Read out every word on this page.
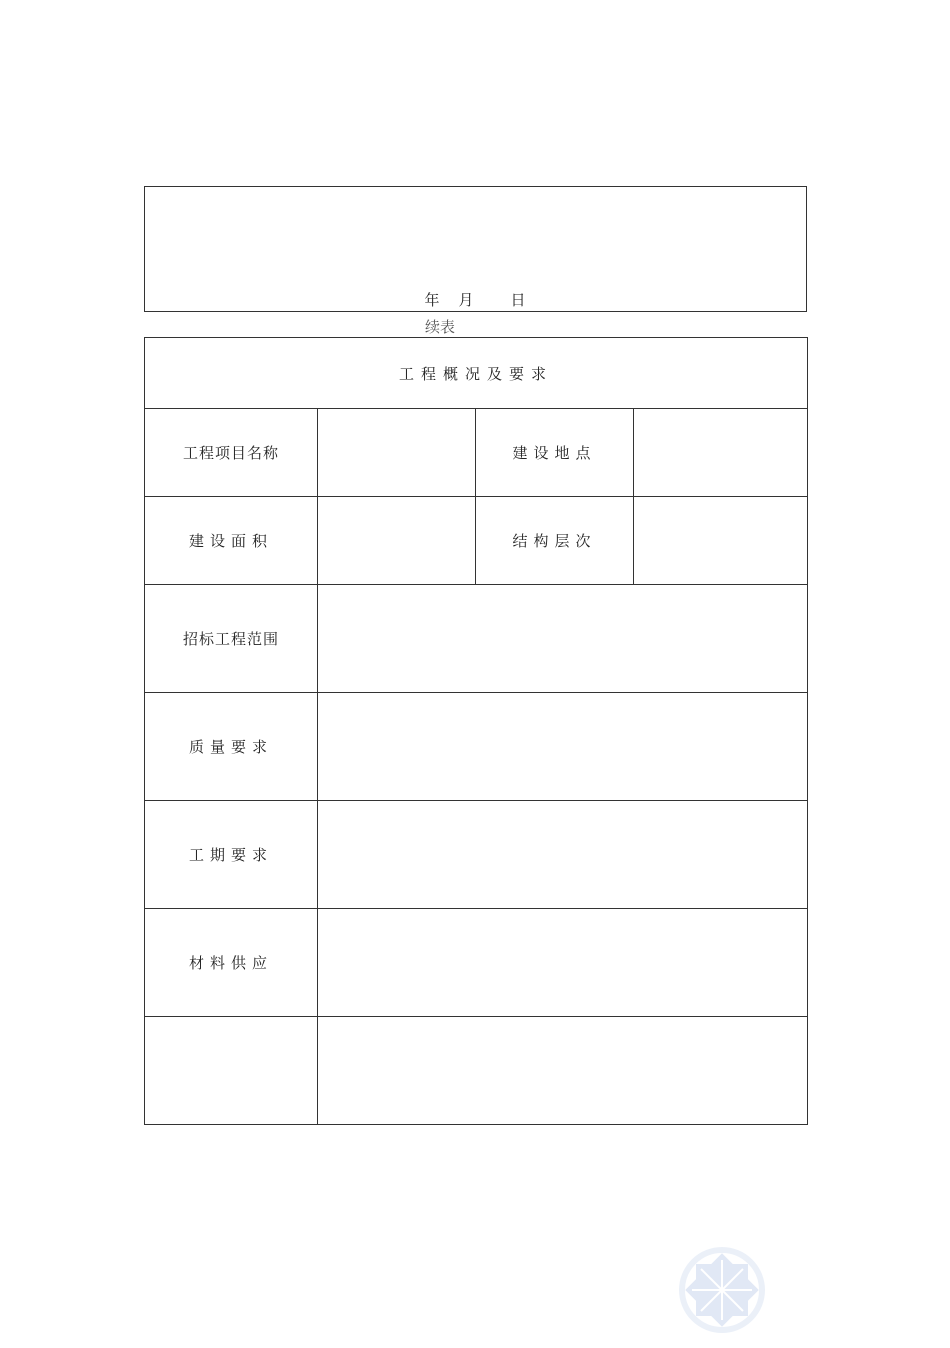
年 月 日
续表
工程概况及要求			
工程项目名称		建设地点	
建设面积		结构层次	
招标工程范围			
质量要求			
工期要求			
材料供应			
